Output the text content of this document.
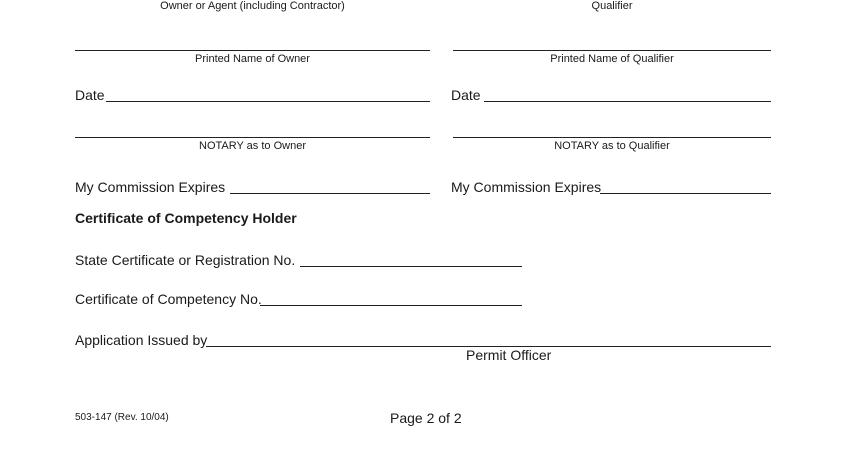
Owner or Agent (including Contractor)	Qualifier
Printed Name of Owner	Printed Name of Qualifier
Date	Date
NOTARY as to Owner	NOTARY as to Qualifier
My Commission Expires	My Commission Expires
Certificate of Competency Holder
State Certificate or Registration No.
Certificate of Competency No.
Application Issued by
Permit Officer
503-147 (Rev. 10/04)	Page 2 of 2
